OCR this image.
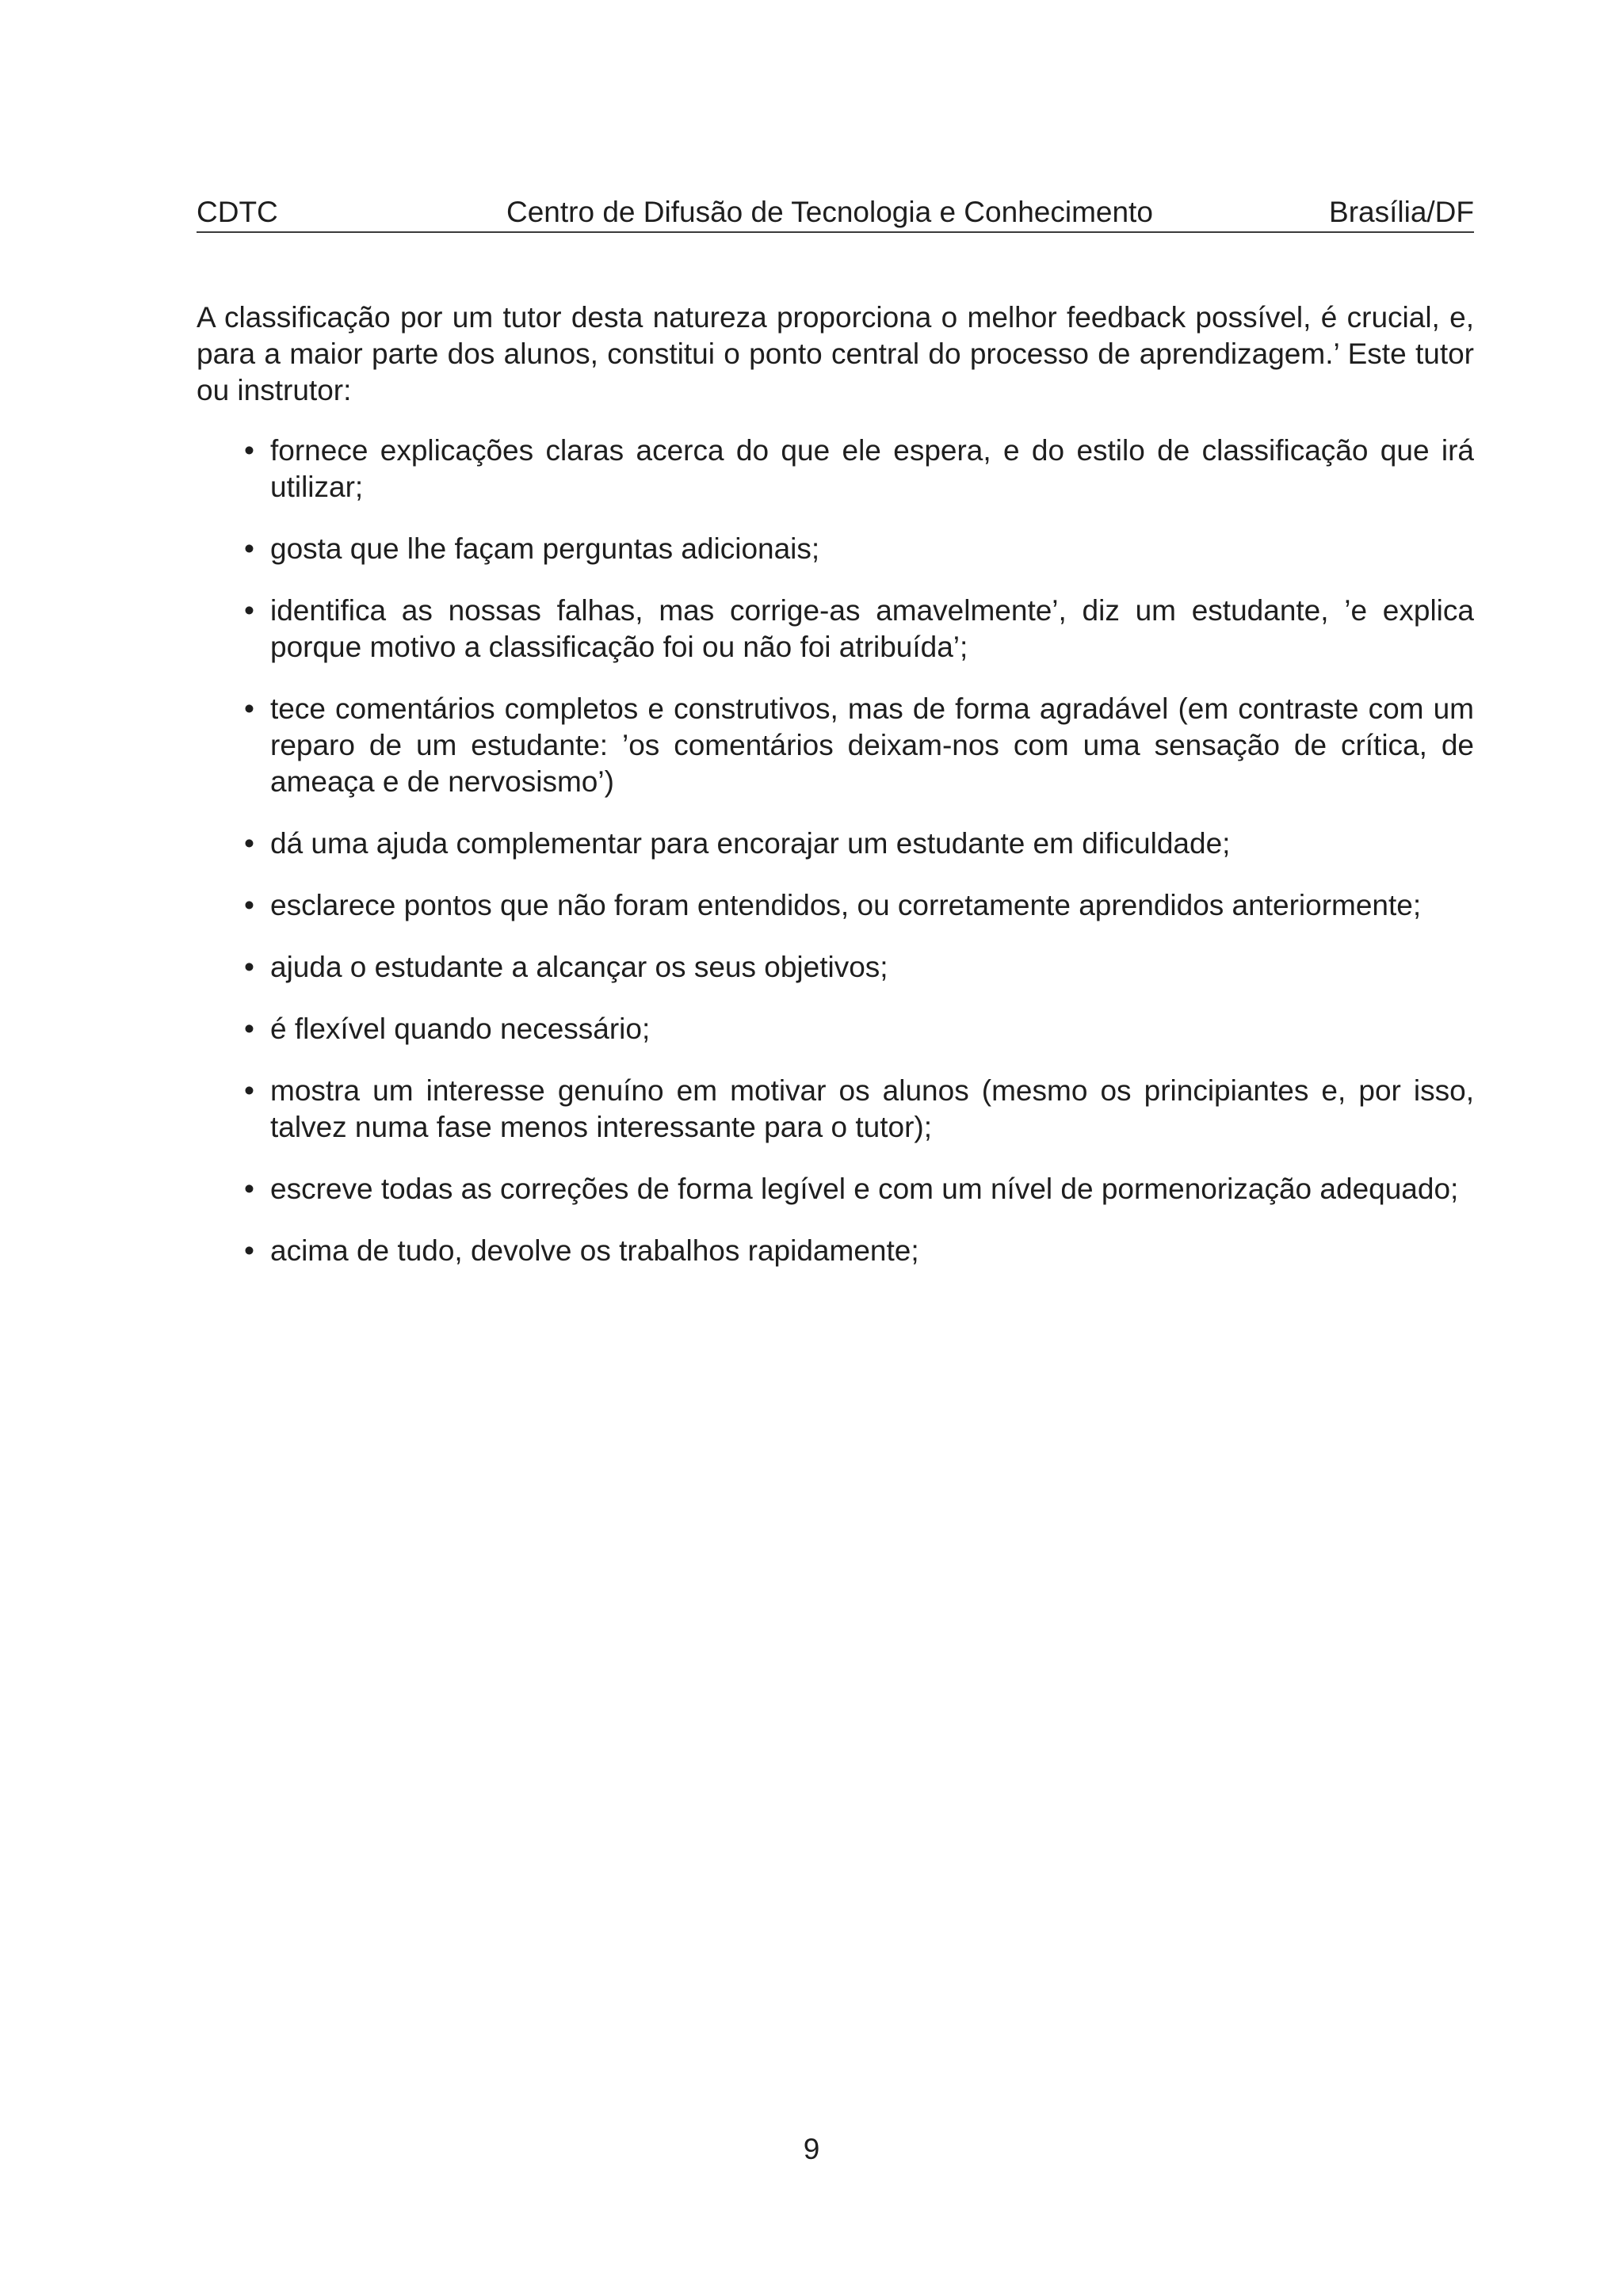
CDTC	Centro de Difusão de Tecnologia e Conhecimento	Brasília/DF

A classificação por um tutor desta natureza proporciona o melhor feedback possível, é crucial, e, para a maior parte dos alunos, constitui o ponto central do processo de aprendizagem.’ Este tutor ou instrutor:

• fornece explicações claras acerca do que ele espera, e do estilo de classificação que irá utilizar;
• gosta que lhe façam perguntas adicionais;
• identifica as nossas falhas, mas corrige-as amavelmente’, diz um estudante, ’e explica porque motivo a classificação foi ou não foi atribuída’;
• tece comentários completos e construtivos, mas de forma agradável (em contraste com um reparo de um estudante: ’os comentários deixam-nos com uma sensação de crítica, de ameaça e de nervosismo’)
• dá uma ajuda complementar para encorajar um estudante em dificuldade;
• esclarece pontos que não foram entendidos, ou corretamente aprendidos anteriormente;
• ajuda o estudante a alcançar os seus objetivos;
• é flexível quando necessário;
• mostra um interesse genuíno em motivar os alunos (mesmo os principiantes e, por isso, talvez numa fase menos interessante para o tutor);
• escreve todas as correções de forma legível e com um nível de pormenorização adequado;
• acima de tudo, devolve os trabalhos rapidamente;
9
